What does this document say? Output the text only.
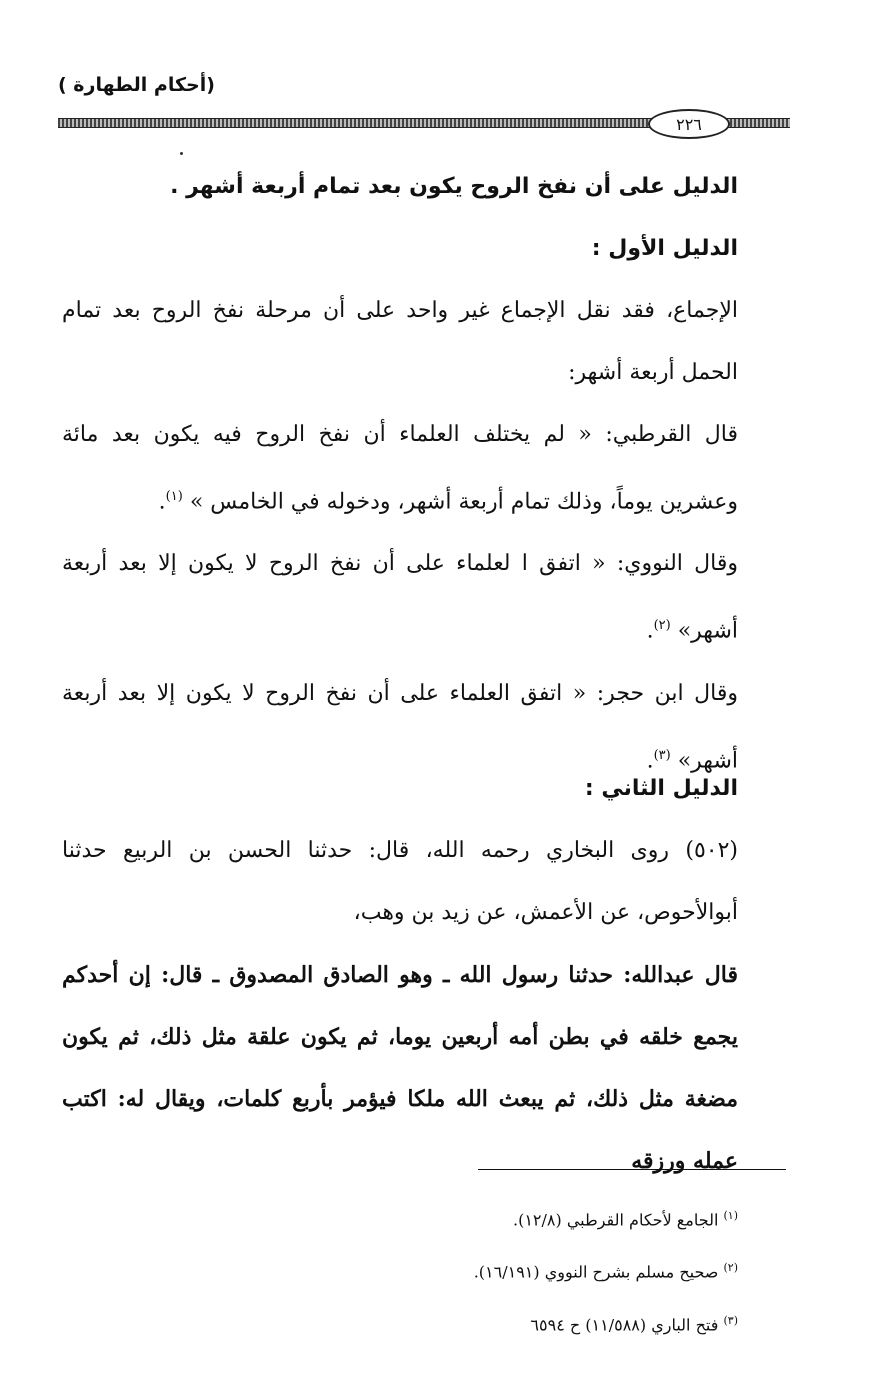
(أحكام الطهارة )
٢٢٦

الدليل على أن نفخ الروح يكون بعد تمام أربعة أشهر .

الدليل الأول :

الإجماع، فقد نقل الإجماع غير واحد على أن مرحلة نفخ الروح بعد تمام الحمل أربعة أشهر:

قال القرطبي: « لم يختلف العلماء أن نفخ الروح فيه يكون بعد مائة وعشرين يوماً، وذلك تمام أربعة أشهر، ودخوله في الخامس » $^{(١)}$.

وقال النووي: « اتفق ا لعلماء على أن نفخ الروح لا يكون إلا بعد أربعة أشهر» $^{(٢)}$.

وقال ابن حجر: « اتفق العلماء على أن نفخ الروح لا يكون إلا بعد أربعة أشهر» $^{(٣)}$.

الدليل الثاني :

(٥٠٢) روى البخاري رحمه الله، قال: حدثنا الحسن بن الربيع حدثنا أبوالأحوص، عن الأعمش، عن زيد بن وهب،

قال عبدالله: حدثنا رسول الله ـ وهو الصادق المصدوق ـ قال: إن أحدكم يجمع خلقه في بطن أمه أربعين يوما، ثم يكون علقة مثل ذلك، ثم يكون مضغة مثل ذلك، ثم يبعث الله ملكا فيؤمر بأربع كلمات، ويقال له: اكتب عمله ورزقه

$^{(١)}$ الجامع لأحكام القرطبي (١٢/٨).
$^{(٢)}$ صحيح مسلم بشرح النووي (١٦/١٩١).
$^{(٣)}$ فتح الباري (١١/٥٨٨) ح ٦٥٩٤
